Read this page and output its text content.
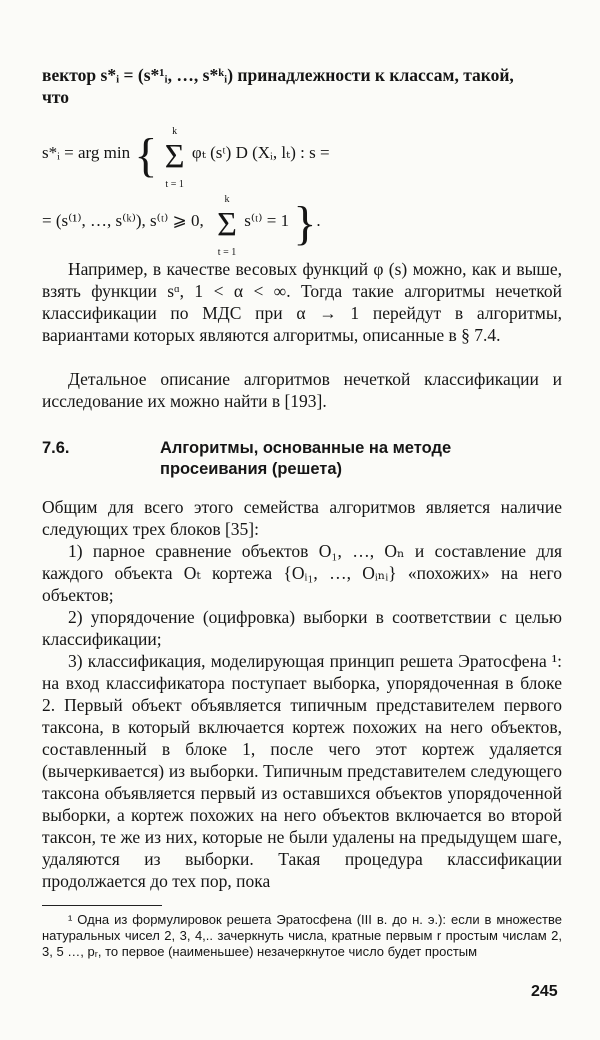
вектор s*ᵢ = (s*¹ᵢ, …, s*ᵏᵢ) принадлежности к классам, такой,

что

s*ᵢ = arg min {	k
Σ
t = 1
φₜ (sᵗ) D (Xᵢ, lₜ) : s =
= (s⁽¹⁾, …, s⁽ᵏ⁾), s⁽ᵗ⁾ ⩾ 0,
k
Σ
t = 1
s⁽ᵗ⁾ = 1 }.

Например, в качестве весовых функций φ (s) можно, как и выше, взять функции sᵅ, 1 < α < ∞. Тогда такие алгоритмы нечеткой классификации по МДС при α → 1 перейдут в алгоритмы, вариантами которых являются алгоритмы, описанные в § 7.4.

Детальное описание алгоритмов нечеткой классификации и исследование их можно найти в [193].

7.6.	Алгоритмы, основанные на методе
просеивания (решета)

Общим для всего этого семейства алгоритмов является наличие следующих трех блоков [35]:

1) парное сравнение объектов O₁, …, Oₙ и составление для каждого объекта Oₜ кортежа {Oᵢ₁, …, Oᵢₙᵢ} «похожих» на него объектов;

2) упорядочение (оцифровка) выборки в соответствии с целью классификации;

3) классификация, моделирующая принцип решета Эратосфена ¹: на вход классификатора поступает выборка, упорядоченная в блоке 2. Первый объект объявляется типичным представителем первого таксона, в который включается кортеж похожих на него объектов, составленный в блоке 1, после чего этот кортеж удаляется (вычеркивается) из выборки. Типичным представителем следующего таксона объявляется первый из оставшихся объектов упорядоченной выборки, а кортеж похожих на него объектов включается во второй таксон, те же из них, которые не были удалены на предыдущем шаге, удаляются из выборки. Такая процедура классификации продолжается до тех пор, пока

¹ Одна из формулировок решета Эратосфена (III в. до н. э.): если в множестве натуральных чисел 2, 3, 4,.. зачеркнуть числа, кратные первым r простым числам 2, 3, 5 …, pᵣ, то первое (наименьшее) незачеркнутое число будет простым

245
